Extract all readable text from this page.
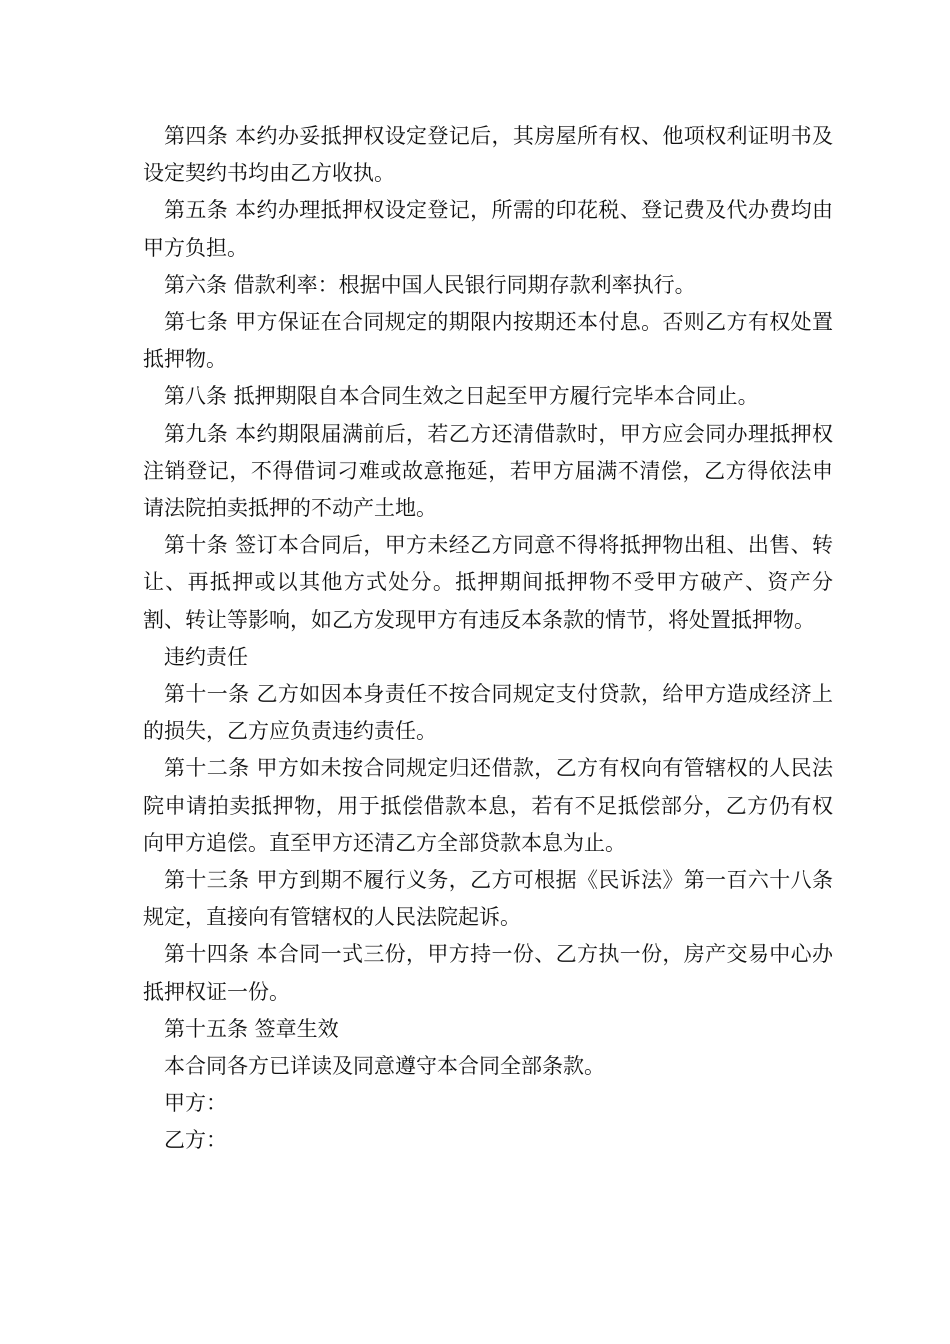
第四条 本约办妥抵押权设定登记后，其房屋所有权、他项权利证明书及设定契约书均由乙方收执。

第五条 本约办理抵押权设定登记，所需的印花税、登记费及代办费均由甲方负担。

第六条 借款利率：根据中国人民银行同期存款利率执行。

第七条 甲方保证在合同规定的期限内按期还本付息。否则乙方有权处置抵押物。

第八条 抵押期限自本合同生效之日起至甲方履行完毕本合同止。

第九条 本约期限届满前后，若乙方还清借款时，甲方应会同办理抵押权注销登记，不得借词刁难或故意拖延，若甲方届满不清偿，乙方得依法申请法院拍卖抵押的不动产土地。

第十条 签订本合同后，甲方未经乙方同意不得将抵押物出租、出售、转让、再抵押或以其他方式处分。抵押期间抵押物不受甲方破产、资产分割、转让等影响，如乙方发现甲方有违反本条款的情节，将处置抵押物。

违约责任

第十一条 乙方如因本身责任不按合同规定支付贷款，给甲方造成经济上的损失，乙方应负责违约责任。

第十二条 甲方如未按合同规定归还借款，乙方有权向有管辖权的人民法院申请拍卖抵押物，用于抵偿借款本息，若有不足抵偿部分，乙方仍有权向甲方追偿。直至甲方还清乙方全部贷款本息为止。

第十三条 甲方到期不履行义务，乙方可根据《民诉法》第一百六十八条规定，直接向有管辖权的人民法院起诉。

第十四条 本合同一式三份，甲方持一份、乙方执一份，房产交易中心办抵押权证一份。

第十五条 签章生效

本合同各方已详读及同意遵守本合同全部条款。

甲方：

乙方：
